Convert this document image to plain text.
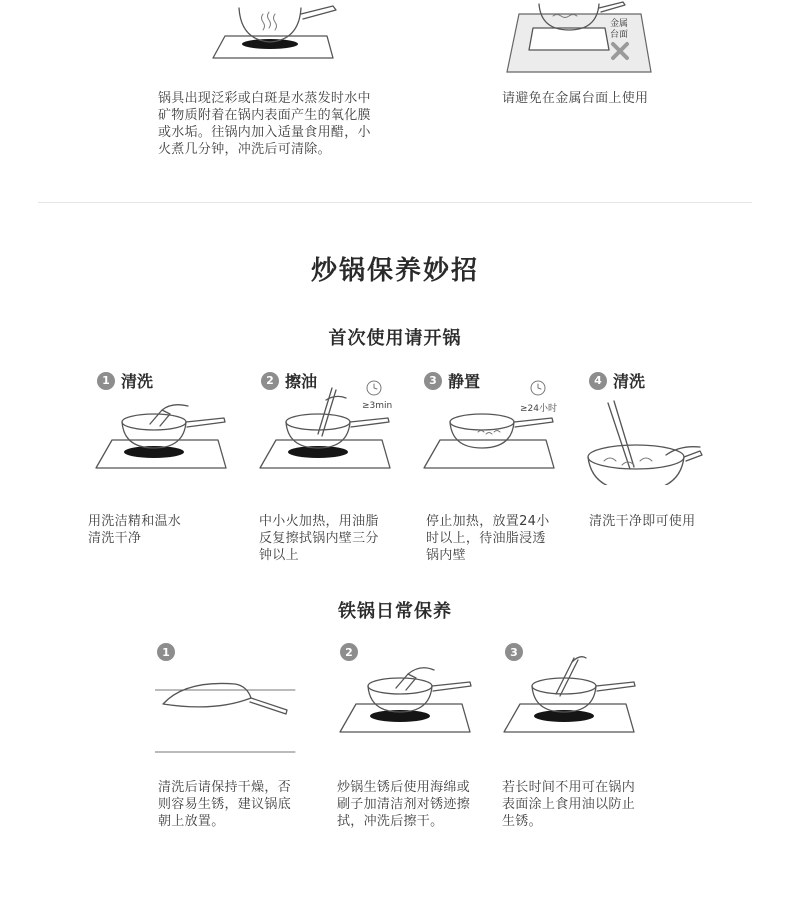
锅具出现泛彩或白斑是水蒸发时水中
矿物质附着在锅内表面产生的氧化膜
或水垢。往锅内加入适量食用醋，小
火煮几分钟，冲洗后可清除。
金属
台面
请避免在金属台面上使用
炒锅保养妙招
首次使用请开锅
1 清洗
用洗洁精和温水
清洗干净
2 擦油
≥3min
中小火加热，用油脂
反复擦拭锅内壁三分
钟以上
3 静置
≥24小时
停止加热，放置24小
时以上，待油脂浸透
锅内壁
4 清洗
清洗干净即可使用
铁锅日常保养
1
清洗后请保持干燥，否
则容易生锈，建议锅底
朝上放置。
2
炒锅生锈后使用海绵或
刷子加清洁剂对锈迹擦
拭，冲洗后擦干。
3
若长时间不用可在锅内
表面涂上食用油以防止
生锈。
